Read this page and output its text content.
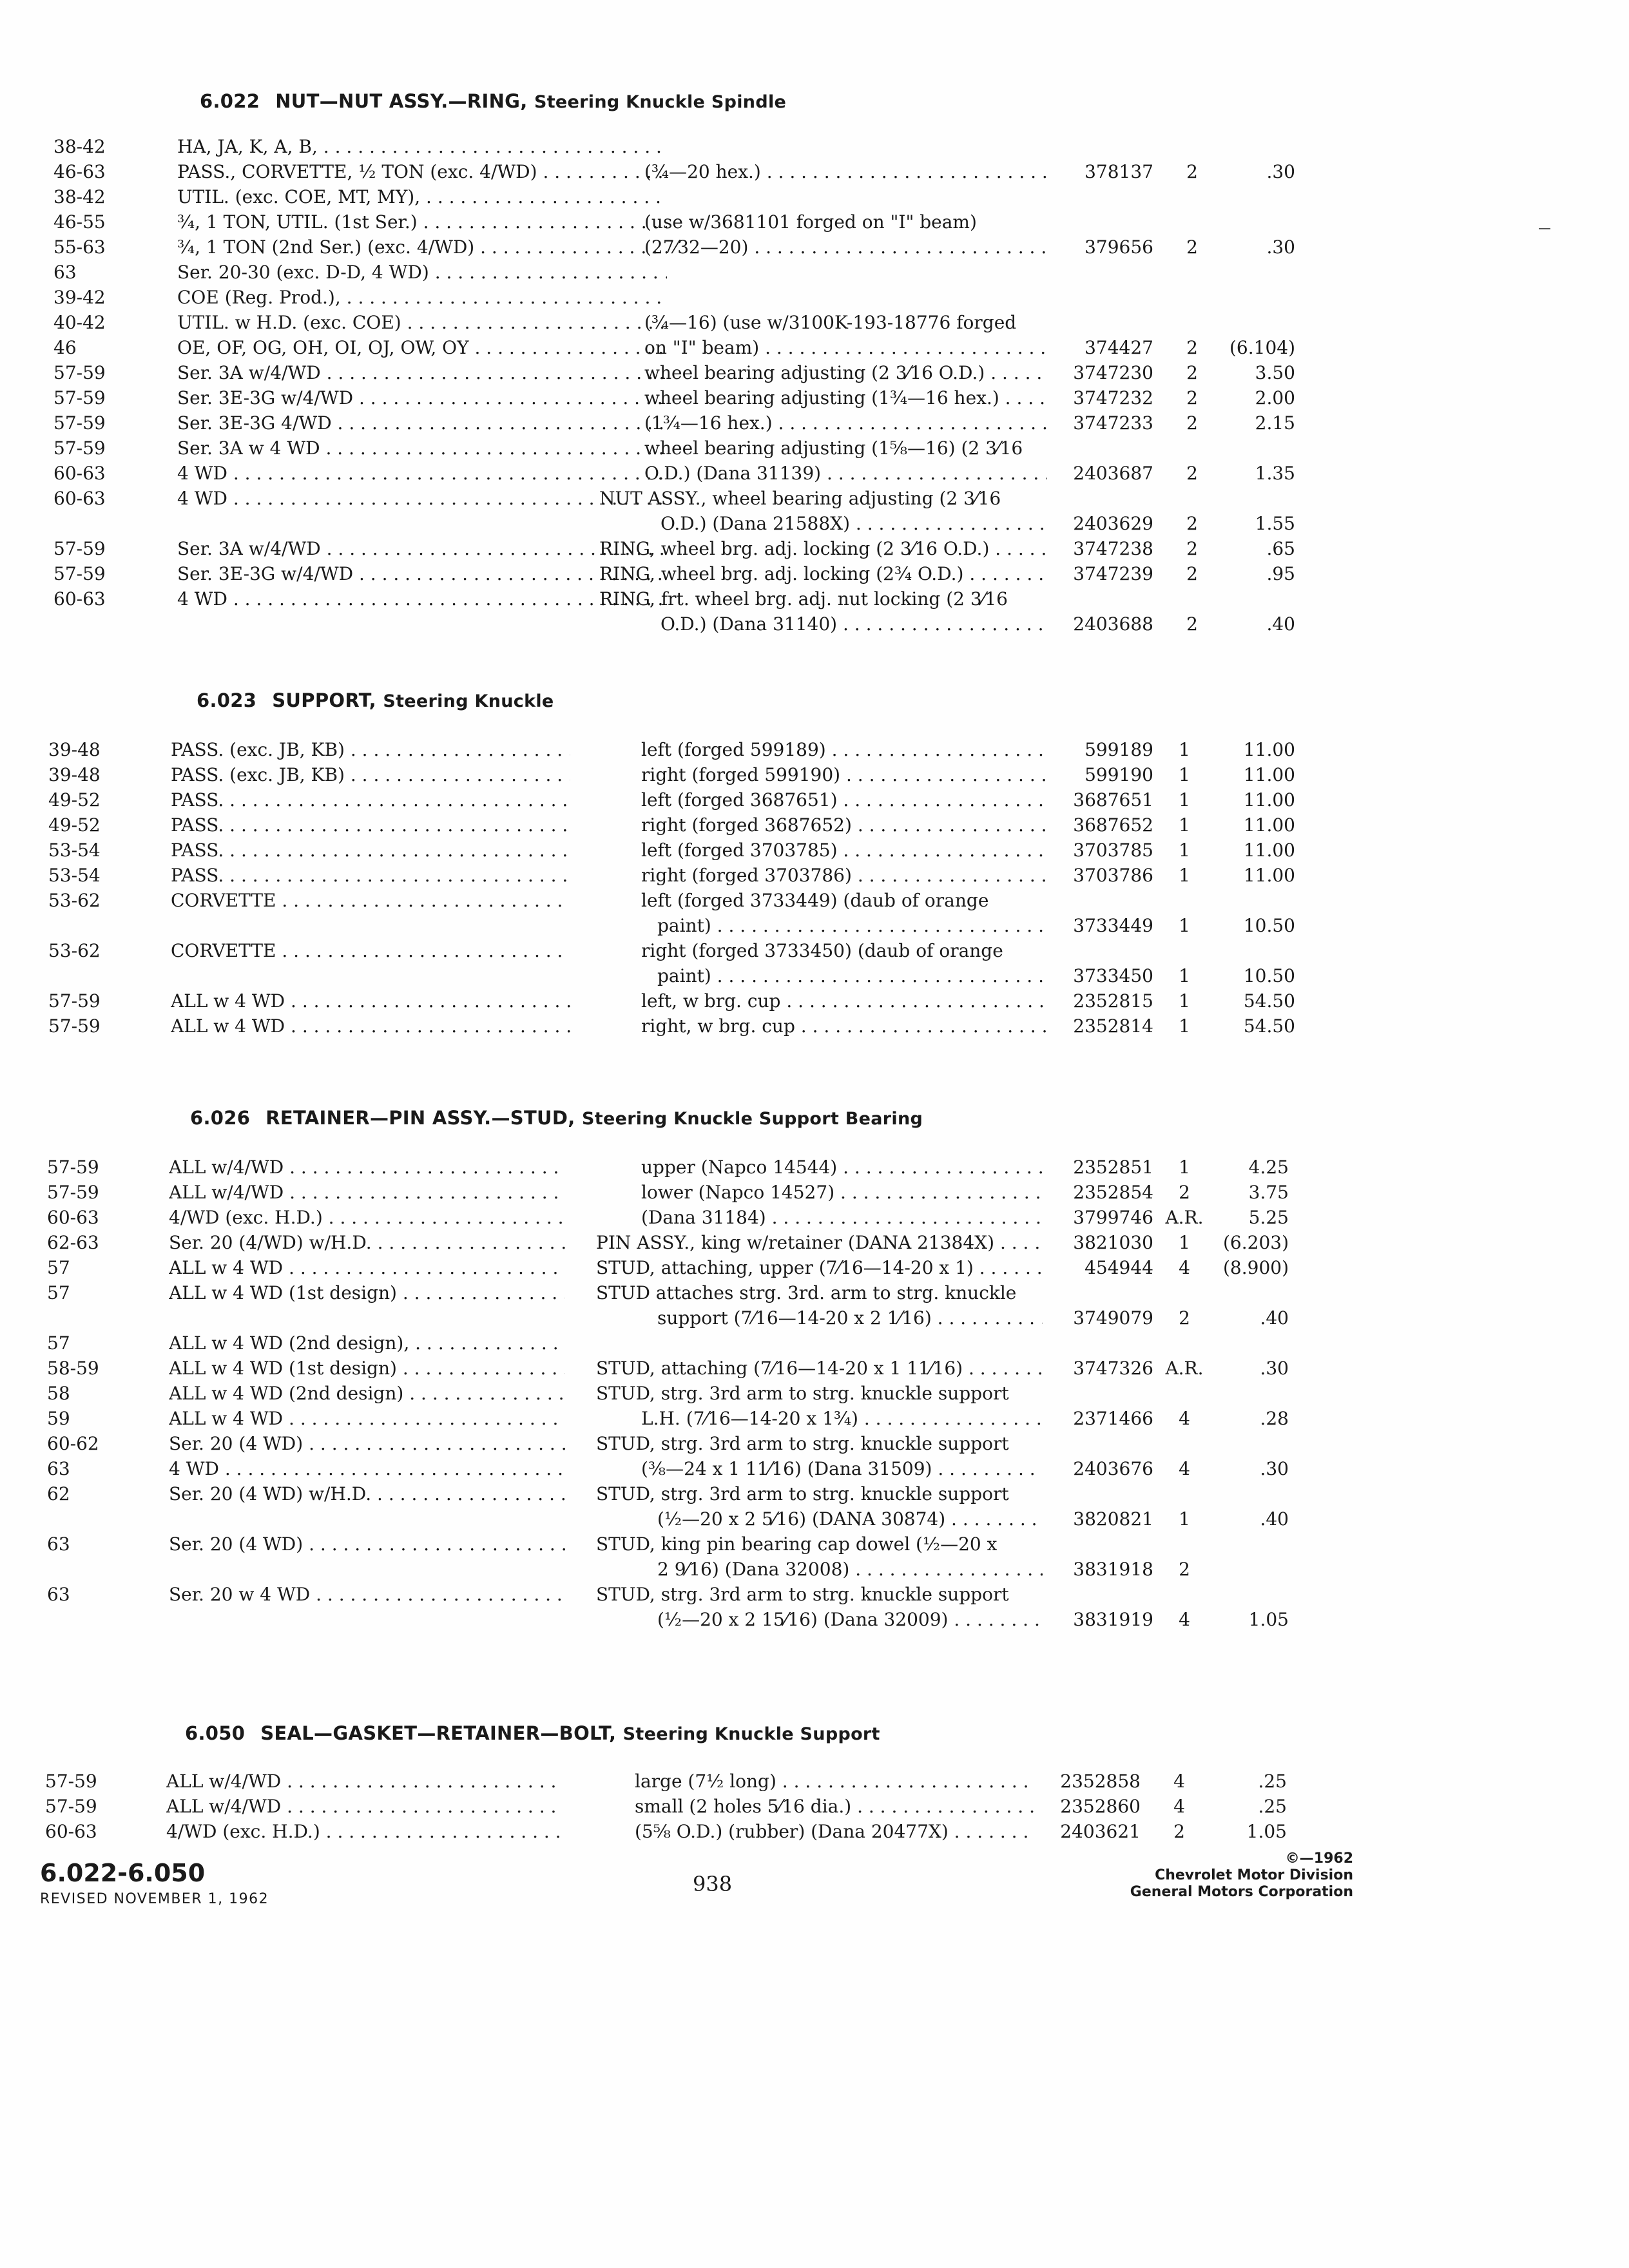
6.022 NUT—NUT ASSY.—RING, Steering Knuckle Spindle
38-42	HA, JA, K, A, B, . . .
46-63	PASS., CORVETTE, ½ TON (exc. 4/WD) . . .	(¾—20 hex.) . . .	378137	2	.30
38-42	UTIL. (exc. COE, MT, MY), . . .
46-55	¾, 1 TON, UTIL. (1st Ser.) . . .	(use w/3681101 forged on "I" beam)
55-63	¾, 1 TON (2nd Ser.) (exc. 4/WD) . . .	(27⁄32—20) . . .	379656	2	.30
63	Ser. 20-30 (exc. D-D, 4 WD) . . .
39-42	COE (Reg. Prod.), . . .
40-42	UTIL. w H.D. (exc. COE) . . .	(¾—16) (use w/3100K-193-18776 forged
46	OE, OF, OG, OH, OI, OJ, OW, OY . . .	on "I" beam) . . .	374427	2	(6.104)
57-59	Ser. 3A w/4/WD . . .	wheel bearing adjusting (2 3⁄16 O.D.) . . .	3747230	2	3.50
57-59	Ser. 3E-3G w/4/WD . . .	wheel bearing adjusting (1¾—16 hex.) . . .	3747232	2	2.00
57-59	Ser. 3E-3G 4/WD . . .	(1¾—16 hex.) . . .	3747233	2	2.15
57-59	Ser. 3A w 4 WD . . .	wheel bearing adjusting (1⅝—16) (2 3⁄16
60-63	4 WD . . .	O.D.) (Dana 31139) . . .	2403687	2	1.35
60-63	4 WD . . .	NUT ASSY., wheel bearing adjusting (2 3⁄16
O.D.) (Dana 21588X) . . .	2403629	2	1.55
57-59	Ser. 3A w/4/WD . . .	RING, wheel brg. adj. locking (2 3⁄16 O.D.) . . .	3747238	2	.65
57-59	Ser. 3E-3G w/4/WD . . .	RING, wheel brg. adj. locking (2¾ O.D.) . . .	3747239	2	.95
60-63	4 WD . . .	RING, frt. wheel brg. adj. nut locking (2 3⁄16
O.D.) (Dana 31140) . . .	2403688	2	.40
6.023 SUPPORT, Steering Knuckle
39-48	PASS. (exc. JB, KB) . . .	left (forged 599189) . . .	599189	1	11.00
39-48	PASS. (exc. JB, KB) . . .	right (forged 599190) . . .	599190	1	11.00
49-52	PASS. . . .	left (forged 3687651) . . .	3687651	1	11.00
49-52	PASS. . . .	right (forged 3687652) . . .	3687652	1	11.00
53-54	PASS. . . .	left (forged 3703785) . . .	3703785	1	11.00
53-54	PASS. . . .	right (forged 3703786) . . .	3703786	1	11.00
53-62	CORVETTE . . .	left (forged 3733449) (daub of orange
paint) . . .	3733449	1	10.50
53-62	CORVETTE . . .	right (forged 3733450) (daub of orange
paint) . . .	3733450	1	10.50
57-59	ALL w 4 WD . . .	left, w brg. cup . . .	2352815	1	54.50
57-59	ALL w 4 WD . . .	right, w brg. cup . . .	2352814	1	54.50
6.026 RETAINER—PIN ASSY.—STUD, Steering Knuckle Support Bearing
57-59	ALL w/4/WD . . .	upper (Napco 14544) . . .	2352851	1	4.25
57-59	ALL w/4/WD . . .	lower (Napco 14527) . . .	2352854	2	3.75
60-63	4/WD (exc. H.D.) . . .	(Dana 31184) . . .	3799746 A.R.	5.25
62-63	Ser. 20 (4/WD) w/H.D. . . .	PIN ASSY., king w/retainer (DANA 21384X) . . .	3821030	1	(6.203)
57	ALL w 4 WD . . .	STUD, attaching, upper (7⁄16—14-20 x 1) . . .	454944	4	(8.900)
57	ALL w 4 WD (1st design) . . .	STUD attaches strg. 3rd. arm to strg. knuckle
support (7⁄16—14-20 x 2 1⁄16) . . .	3749079	2	.40
57	ALL w 4 WD (2nd design), . . .
58-59	ALL w 4 WD (1st design) . . .	STUD, attaching (7⁄16—14-20 x 1 11⁄16) . . .	3747326 A.R.	.30
58	ALL w 4 WD (2nd design) . . .	STUD, strg. 3rd arm to strg. knuckle support
59	ALL w 4 WD . . .	L.H. (7⁄16—14-20 x 1¾) . . .	2371466	4	.28
60-62	Ser. 20 (4 WD) . . .	STUD, strg. 3rd arm to strg. knuckle support
63	4 WD . . .	(⅜—24 x 1 11⁄16) (Dana 31509) . . .	2403676	4	.30
62	Ser. 20 (4 WD) w/H.D. . . .	STUD, strg. 3rd arm to strg. knuckle support
(½—20 x 2 5⁄16) (DANA 30874) . . .	3820821	1	.40
63	Ser. 20 (4 WD) . . .	STUD, king pin bearing cap dowel (½—20 x
2 9⁄16) (Dana 32008) . . .	3831918	2
63	Ser. 20 w 4 WD . . .	STUD, strg. 3rd arm to strg. knuckle support
(½—20 x 2 15⁄16) (Dana 32009) . . .	3831919	4	1.05
6.050 SEAL—GASKET—RETAINER—BOLT, Steering Knuckle Support
57-59	ALL w/4/WD . . .	large (7½ long) . . .	2352858	4	.25
57-59	ALL w/4/WD . . .	small (2 holes 5⁄16 dia.) . . .	2352860	4	.25
60-63	4/WD (exc. H.D.) . . .	(5⅝ O.D.) (rubber) (Dana 20477X) . . .	2403621	2	1.05
6.022-6.050
REVISED NOVEMBER 1, 1962
938
©—1962
Chevrolet Motor Division
General Motors Corporation
